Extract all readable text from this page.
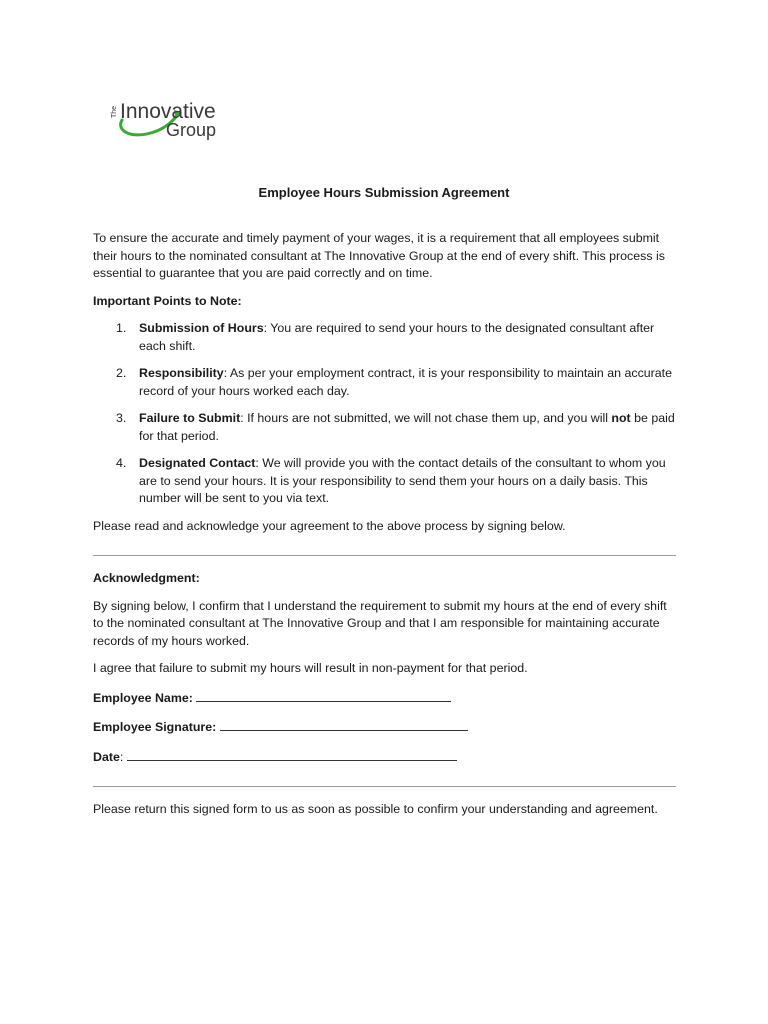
The Innovative
Group
Employee Hours Submission Agreement

To ensure the accurate and timely payment of your wages, it is a requirement that all employees submit their hours to the nominated consultant at The Innovative Group at the end of every shift. This process is essential to guarantee that you are paid correctly and on time.

Important Points to Note:

1. Submission of Hours: You are required to send your hours to the designated consultant after each shift.
2. Responsibility: As per your employment contract, it is your responsibility to maintain an accurate record of your hours worked each day.
3. Failure to Submit: If hours are not submitted, we will not chase them up, and you will not be paid for that period.
4. Designated Contact: We will provide you with the contact details of the consultant to whom you are to send your hours. It is your responsibility to send them your hours on a daily basis. This number will be sent to you via text.

Please read and acknowledge your agreement to the above process by signing below.

Acknowledgment:

By signing below, I confirm that I understand the requirement to submit my hours at the end of every shift to the nominated consultant at The Innovative Group and that I am responsible for maintaining accurate records of my hours worked.

I agree that failure to submit my hours will result in non-payment for that period.

Employee Name:
Employee Signature:
Date:

Please return this signed form to us as soon as possible to confirm your understanding and agreement.
